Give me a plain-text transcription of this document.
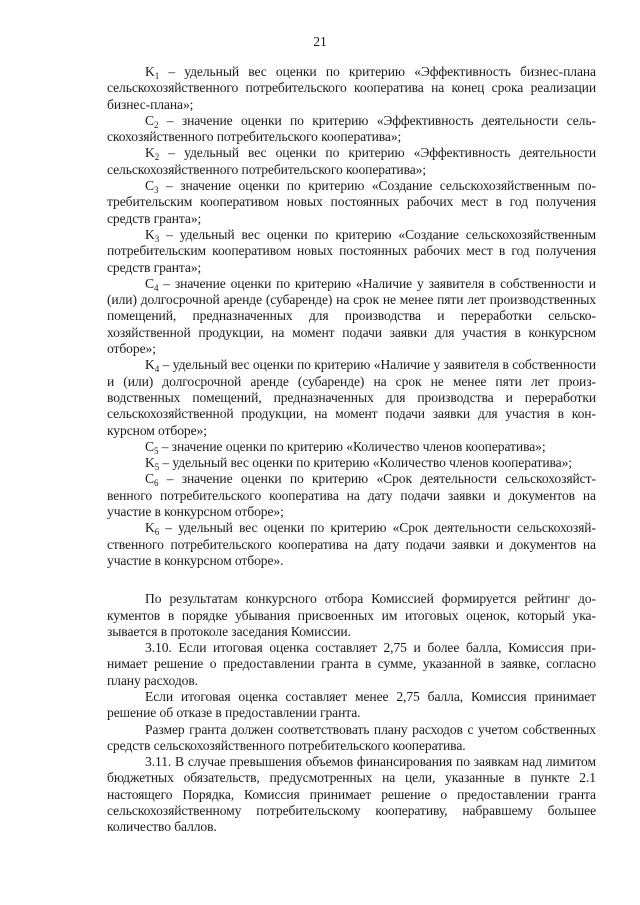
21

$K_1$ – удельный вес оценки по критерию «Эффективность бизнес-плана сельскохозяйственного потребительского кооператива на конец срока реализации бизнес-плана»;

$C_2$ – значение оценки по критерию «Эффективность деятельности сельскохозяйственного потребительского кооператива»;

$K_2$ – удельный вес оценки по критерию «Эффективность деятельности сельскохозяйственного потребительского кооператива»;

$C_3$ – значение оценки по критерию «Создание сельскохозяйственным потребительским кооперативом новых постоянных рабочих мест в год получения средств гранта»;

$K_3$ – удельный вес оценки по критерию «Создание сельскохозяйственным потребительским кооперативом новых постоянных рабочих мест в год получения средств гранта»;

$C_4$ – значение оценки по критерию «Наличие у заявителя в собственности и (или) долгосрочной аренде (субаренде) на срок не менее пяти лет производственных помещений, предназначенных для производства и переработки сельскохозяйственной продукции, на момент подачи заявки для участия в конкурсном отборе»;

$K_4$ – удельный вес оценки по критерию «Наличие у заявителя в собственности и (или) долгосрочной аренде (субаренде) на срок не менее пяти лет производственных помещений, предназначенных для производства и переработки сельскохозяйственной продукции, на момент подачи заявки для участия в конкурсном отборе»;

$C_5$ – значение оценки по критерию «Количество членов кооператива»;

$K_5$ – удельный вес оценки по критерию «Количество членов кооператива»;

$C_6$ – значение оценки по критерию «Срок деятельности сельскохозяйственного потребительского кооператива на дату подачи заявки и документов на участие в конкурсном отборе»;

$K_6$ – удельный вес оценки по критерию «Срок деятельности сельскохозяйственного потребительского кооператива на дату подачи заявки и документов на участие в конкурсном отборе».

По результатам конкурсного отбора Комиссией формируется рейтинг документов в порядке убывания присвоенных им итоговых оценок, который указывается в протоколе заседания Комиссии.

3.10. Если итоговая оценка составляет 2,75 и более балла, Комиссия принимает решение о предоставлении гранта в сумме, указанной в заявке, согласно плану расходов.

Если итоговая оценка составляет менее 2,75 балла, Комиссия принимает решение об отказе в предоставлении гранта.

Размер гранта должен соответствовать плану расходов с учетом собственных средств сельскохозяйственного потребительского кооператива.

3.11. В случае превышения объемов финансирования по заявкам над лимитом бюджетных обязательств, предусмотренных на цели, указанные в пункте 2.1 настоящего Порядка, Комиссия принимает решение о предоставлении гранта сельскохозяйственному потребительскому кооперативу, набравшему большее количество баллов.
